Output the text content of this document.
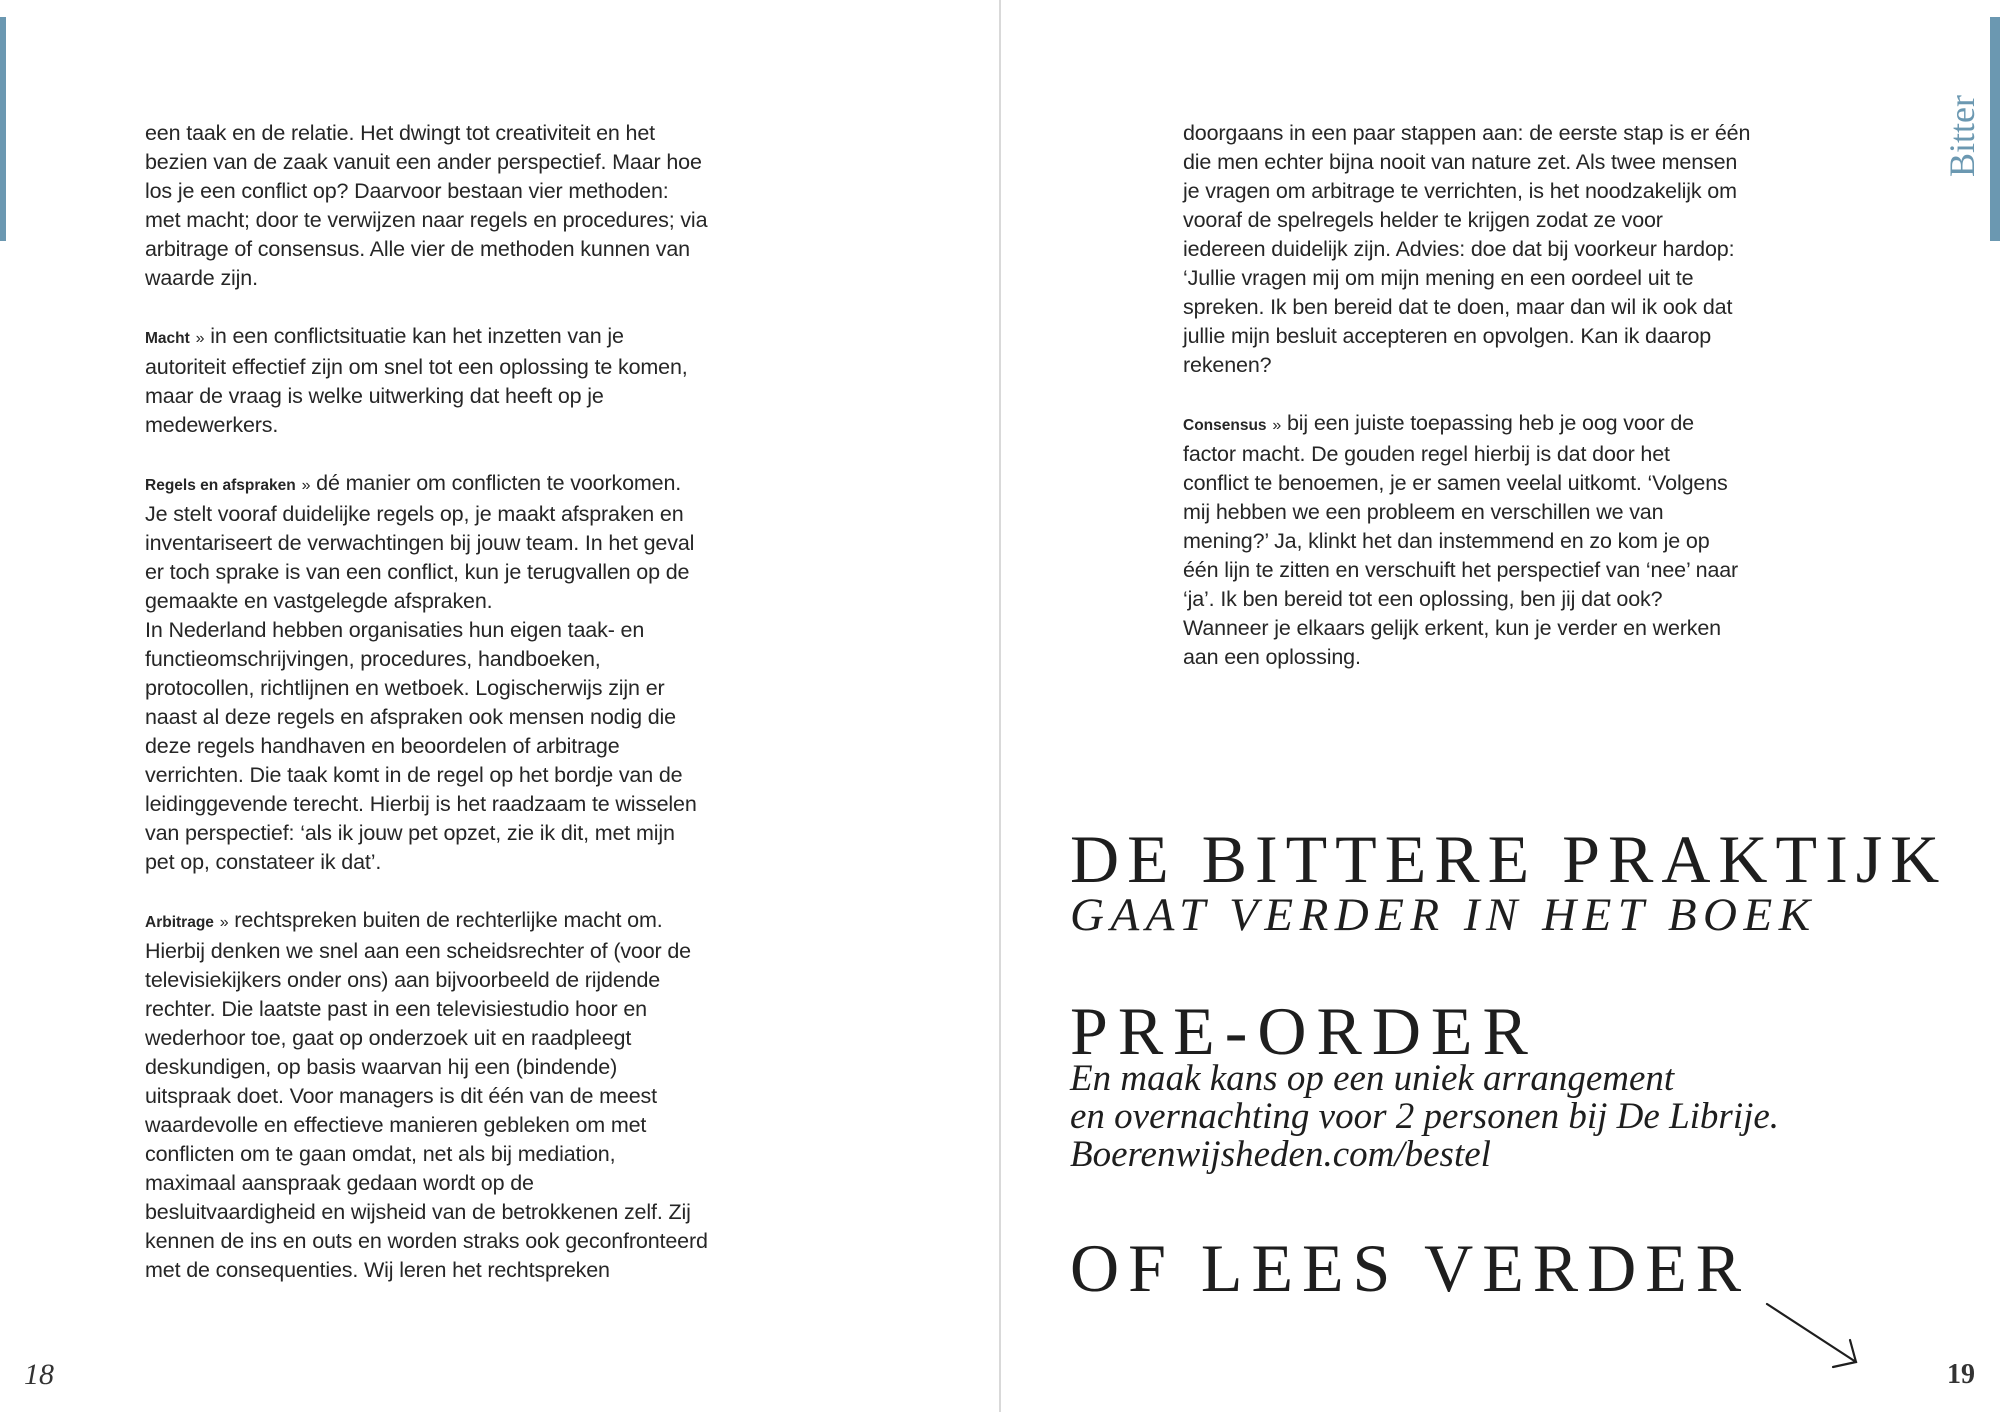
een taak en de relatie. Het dwingt tot creativiteit en het
bezien van de zaak vanuit een ander perspectief. Maar hoe
los je een conflict op? Daarvoor bestaan vier methoden:
met macht; door te verwijzen naar regels en procedures; via
arbitrage of consensus. Alle vier de methoden kunnen van
waarde zijn.

Macht » in een conflictsituatie kan het inzetten van je
autoriteit effectief zijn om snel tot een oplossing te komen,
maar de vraag is welke uitwerking dat heeft op je
medewerkers.

Regels en afspraken » dé manier om conflicten te voorkomen.
Je stelt vooraf duidelijke regels op, je maakt afspraken en
inventariseert de verwachtingen bij jouw team. In het geval
er toch sprake is van een conflict, kun je terugvallen op de
gemaakte en vastgelegde afspraken.
In Nederland hebben organisaties hun eigen taak- en
functieomschrijvingen, procedures, handboeken,
protocollen, richtlijnen en wetboek. Logischerwijs zijn er
naast al deze regels en afspraken ook mensen nodig die
deze regels handhaven en beoordelen of arbitrage
verrichten. Die taak komt in de regel op het bordje van de
leidinggevende terecht. Hierbij is het raadzaam te wisselen
van perspectief: ‘als ik jouw pet opzet, zie ik dit, met mijn
pet op, constateer ik dat’.

Arbitrage » rechtspreken buiten de rechterlijke macht om.
Hierbij denken we snel aan een scheidsrechter of (voor de
televisiekijkers onder ons) aan bijvoorbeeld de rijdende
rechter. Die laatste past in een televisiestudio hoor en
wederhoor toe, gaat op onderzoek uit en raadpleegt
deskundigen, op basis waarvan hij een (bindende)
uitspraak doet. Voor managers is dit één van de meest
waardevolle en effectieve manieren gebleken om met
conflicten om te gaan omdat, net als bij mediation,
maximaal aanspraak gedaan wordt op de
besluitvaardigheid en wijsheid van de betrokkenen zelf. Zij
kennen de ins en outs en worden straks ook geconfronteerd
met de consequenties. Wij leren het rechtspreken

18
Bitter

doorgaans in een paar stappen aan: de eerste stap is er één
die men echter bijna nooit van nature zet. Als twee mensen
je vragen om arbitrage te verrichten, is het noodzakelijk om
vooraf de spelregels helder te krijgen zodat ze voor
iedereen duidelijk zijn. Advies: doe dat bij voorkeur hardop:
‘Jullie vragen mij om mijn mening en een oordeel uit te
spreken. Ik ben bereid dat te doen, maar dan wil ik ook dat
jullie mijn besluit accepteren en opvolgen. Kan ik daarop
rekenen?

Consensus » bij een juiste toepassing heb je oog voor de
factor macht. De gouden regel hierbij is dat door het
conflict te benoemen, je er samen veelal uitkomt. ‘Volgens
mij hebben we een probleem en verschillen we van
mening?’ Ja, klinkt het dan instemmend en zo kom je op
één lijn te zitten en verschuift het perspectief van ‘nee’ naar
‘ja’. Ik ben bereid tot een oplossing, ben jij dat ook?
Wanneer je elkaars gelijk erkent, kun je verder en werken
aan een oplossing.

DE BITTERE PRAKTIJK
GAAT VERDER IN HET BOEK
PRE-ORDER
En maak kans op een uniek arrangement
en overnachting voor 2 personen bij De Librije.
Boerenwijsheden.com/bestel
OF LEES VERDER
19
